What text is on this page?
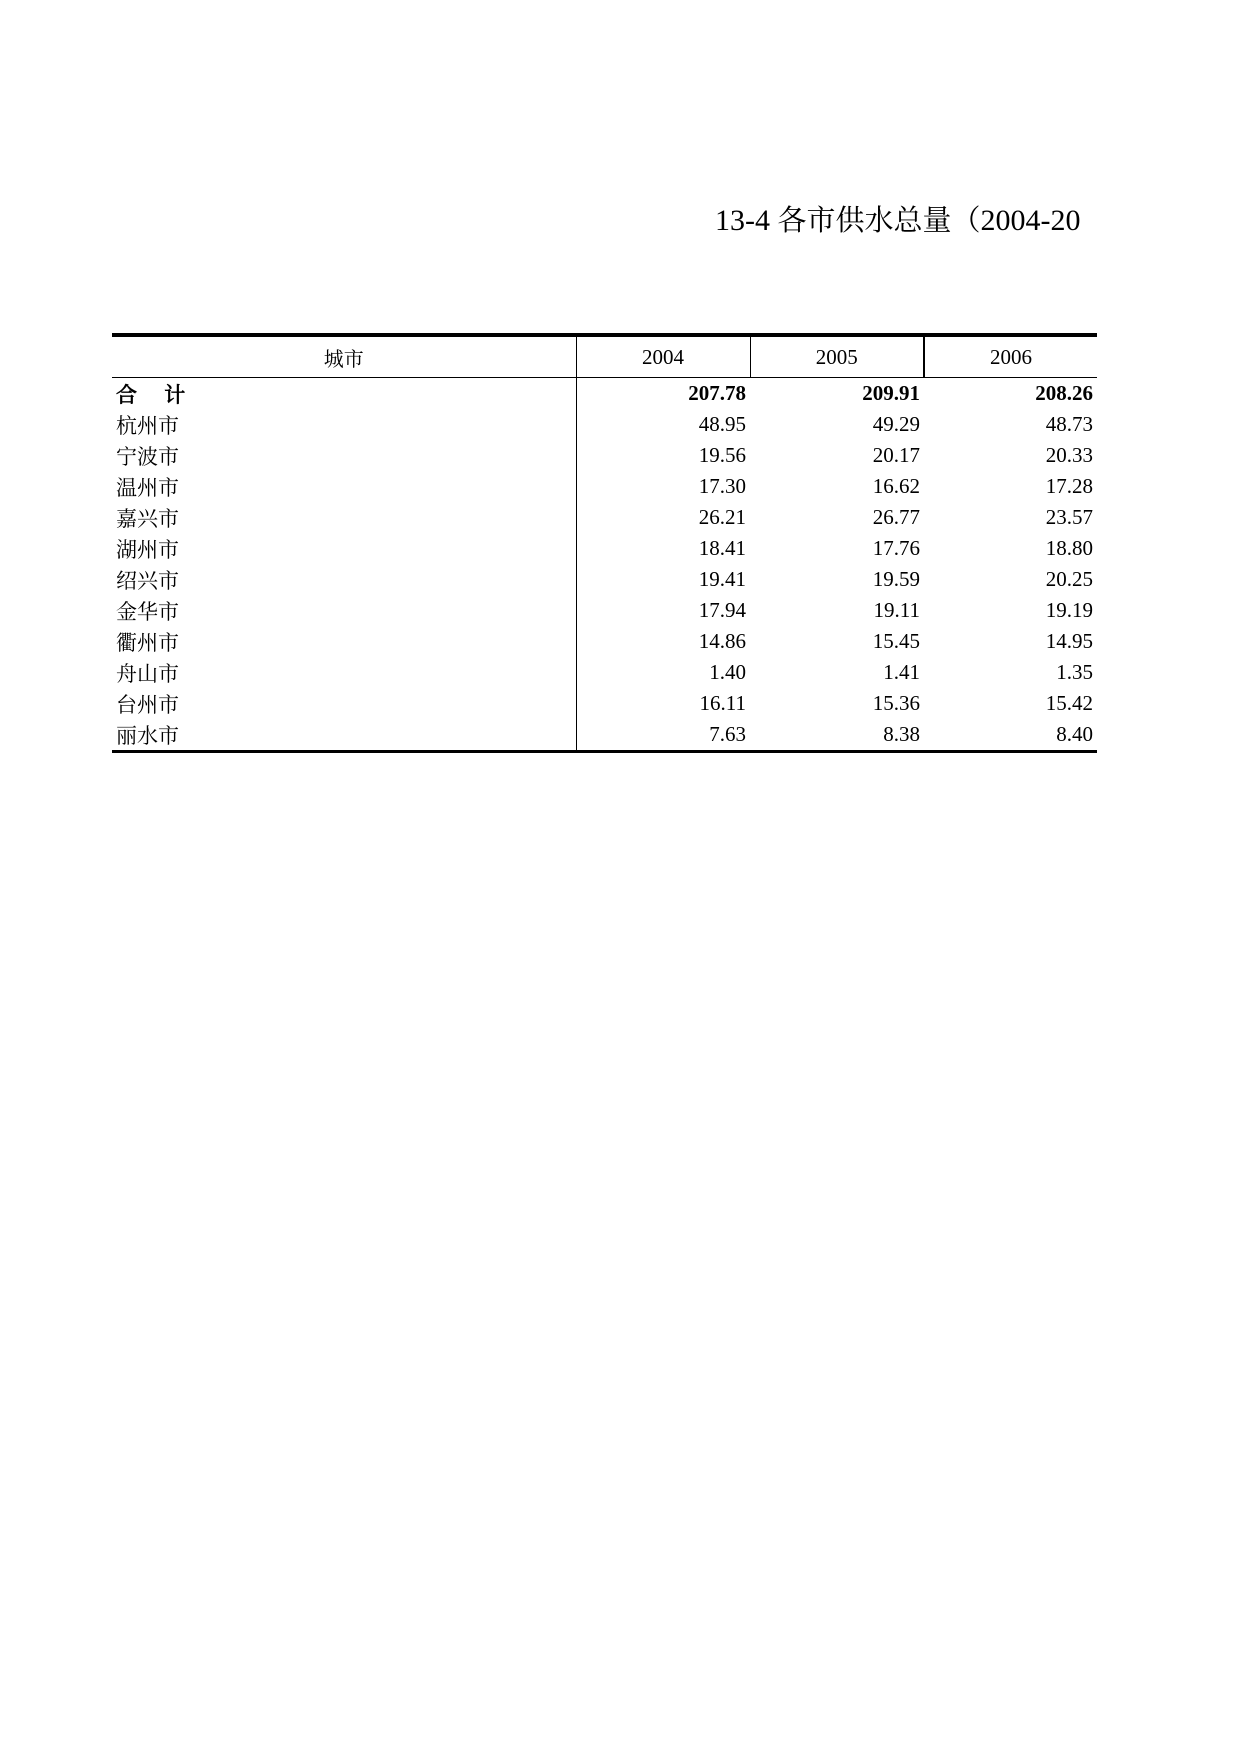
13-4 各市供水总量（2004-20
城市	2004	2005	2006
合 计	207.78	209.91	208.26
杭州市	48.95	49.29	48.73
宁波市	19.56	20.17	20.33
温州市	17.30	16.62	17.28
嘉兴市	26.21	26.77	23.57
湖州市	18.41	17.76	18.80
绍兴市	19.41	19.59	20.25
金华市	17.94	19.11	19.19
衢州市	14.86	15.45	14.95
舟山市	1.40	1.41	1.35
台州市	16.11	15.36	15.42
丽水市	7.63	8.38	8.40
